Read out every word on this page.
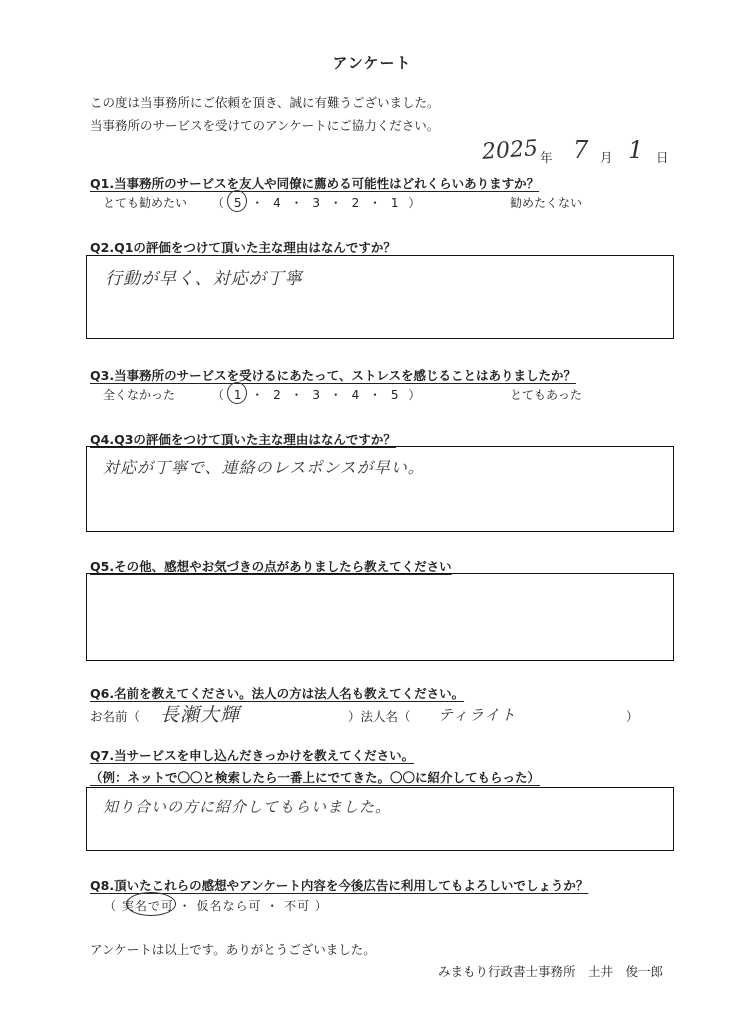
アンケート
この度は当事務所にご依頼を頂き、誠に有難うございました。
当事務所のサービスを受けてのアンケートにご協力ください。
2025 年 7 月 1 日
Q1.当事務所のサービスを友人や同僚に薦める可能性はどれくらいありますか？
とても勧めたい （ 5 ・ 4 ・ 3 ・ 2 ・ 1 ）	勧めたくない
Q2.Q1の評価をつけて頂いた主な理由はなんですか？
行動が早く、対応が丁寧
Q3.当事務所のサービスを受けるにあたって、ストレスを感じることはありましたか？
全くなかった	（ 1 ・ 2 ・ 3 ・ 4 ・ 5 ）	とてもあった
Q4.Q3の評価をつけて頂いた主な理由はなんですか？
対応が丁寧で、連絡のレスポンスが早い。
Q5.その他、感想やお気づきの点がありましたら教えてください
Q6.名前を教えてください。法人の方は法人名も教えてください。
お名前（ 長瀬大輝	）法人名（ ティライト	）
Q7.当サービスを申し込んだきっかけを教えてください。
（例：ネットで〇〇と検索したら一番上にでてきた。〇〇に紹介してもらった）
知り合いの方に紹介してもらいました。
Q8.頂いたこれらの感想やアンケート内容を今後広告に利用してもよろしいでしょうか？
（ 実名で可 ・ 仮名なら可 ・ 不可 ）
アンケートは以上です。ありがとうございました。
みまもり行政書士事務所　土井　俊一郎
